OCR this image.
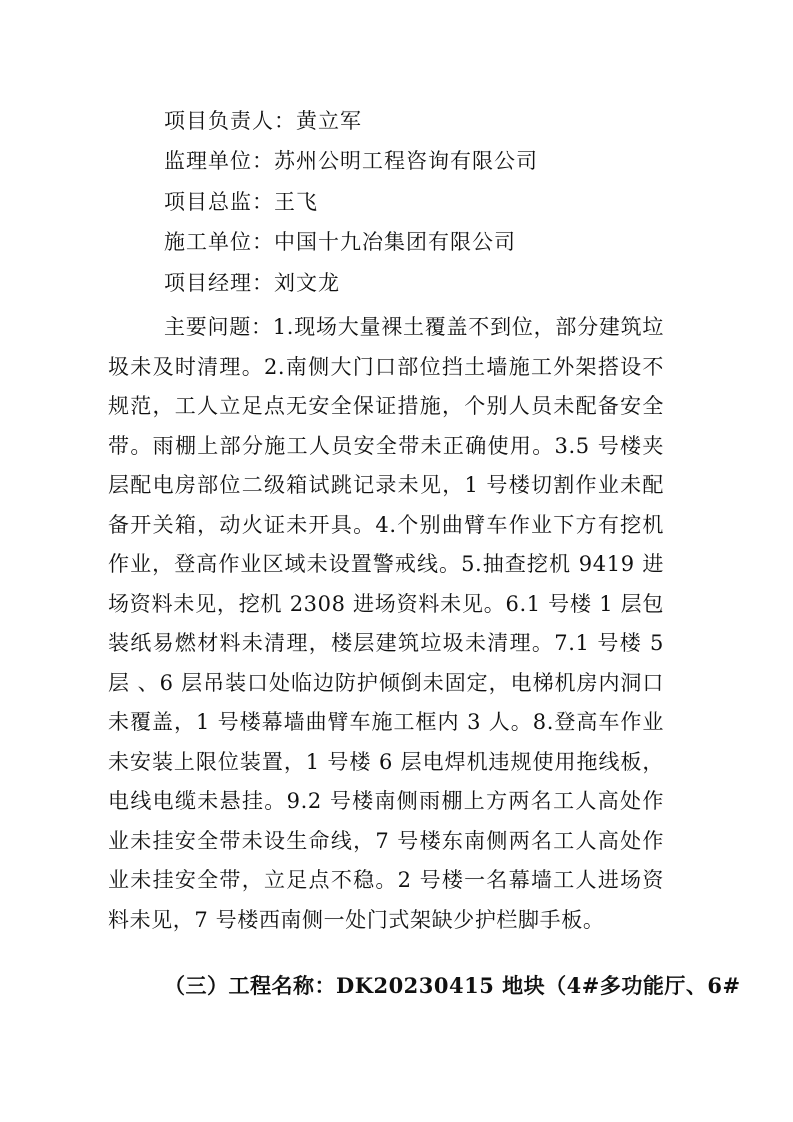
项目负责人：黄立军
监理单位：苏州公明工程咨询有限公司
项目总监：王飞
施工单位：中国十九冶集团有限公司
项目经理：刘文龙

主要问题：1.现场大量裸土覆盖不到位，部分建筑垃圾未及时清理。2.南侧大门口部位挡土墙施工外架搭设不规范，工人立足点无安全保证措施，个别人员未配备安全带。雨棚上部分施工人员安全带未正确使用。3.5 号楼夹层配电房部位二级箱试跳记录未见，1 号楼切割作业未配备开关箱，动火证未开具。4.个别曲臂车作业下方有挖机作业，登高作业区域未设置警戒线。5.抽查挖机 9419 进场资料未见，挖机 2308 进场资料未见。6.1 号楼 1 层包装纸易燃材料未清理，楼层建筑垃圾未清理。7.1 号楼 5 层 、6 层吊装口处临边防护倾倒未固定，电梯机房内洞口未覆盖，1 号楼幕墙曲臂车施工框内 3 人。8.登高车作业未安装上限位装置，1 号楼 6 层电焊机违规使用拖线板，电线电缆未悬挂。9.2 号楼南侧雨棚上方两名工人高处作业未挂安全带未设生命线，7 号楼东南侧两名工人高处作业未挂安全带，立足点不稳。2 号楼一名幕墙工人进场资料未见，7 号楼西南侧一处门式架缺少护栏脚手板。

（三）工程名称：DK20230415 地块（4#多功能厅、6#
